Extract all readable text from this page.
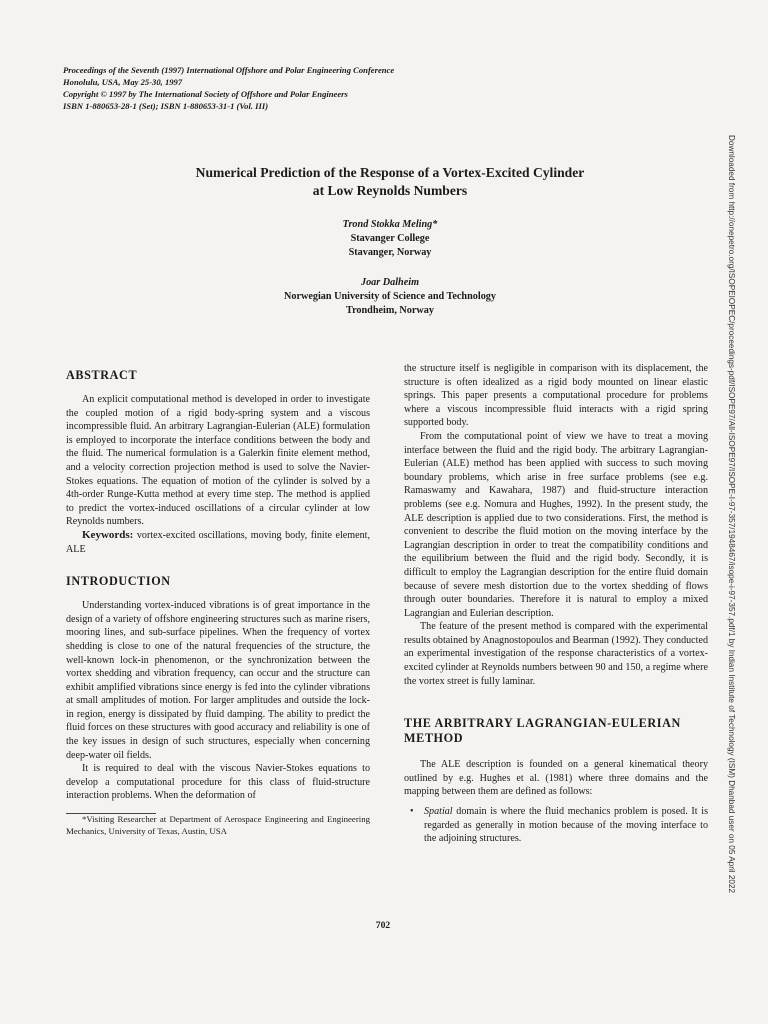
Proceedings of the Seventh (1997) International Offshore and Polar Engineering Conference
Honolulu, USA, May 25-30, 1997
Copyright © 1997 by The International Society of Offshore and Polar Engineers
ISBN 1-880653-28-1 (Set); ISBN 1-880653-31-1 (Vol. III)
Numerical Prediction of the Response of a Vortex-Excited Cylinder
at Low Reynolds Numbers
Trond Stokka Meling*
Stavanger College
Stavanger, Norway
Joar Dalheim
Norwegian University of Science and Technology
Trondheim, Norway
ABSTRACT

An explicit computational method is developed in order to investigate the coupled motion of a rigid body-spring system and a viscous incompressible fluid. An arbitrary Lagrangian-Eulerian (ALE) formulation is employed to incorporate the interface conditions between the body and the fluid. The numerical formulation is a Galerkin finite element method, and a velocity correction projection method is used to solve the Navier-Stokes equations. The equation of motion of the cylinder is solved by a 4th-order Runge-Kutta method at every time step. The method is applied to predict the vortex-induced oscillations of a circular cylinder at low Reynolds numbers.

Keywords: vortex-excited oscillations, moving body, finite element, ALE

INTRODUCTION

Understanding vortex-induced vibrations is of great importance in the design of a variety of offshore engineering structures such as marine risers, mooring lines, and sub-surface pipelines. When the frequency of vortex shedding is close to one of the natural frequencies of the structure, the well-known lock-in phenomenon, or the synchronization between the vortex shedding and vibration frequency, can occur and the structure can exhibit amplified vibrations since energy is fed into the cylinder vibrations at small amplitudes of motion. For larger amplitudes and outside the lock-in region, energy is dissipated by fluid damping. The ability to predict the fluid forces on these structures with good accuracy and reliability is one of the key issues in design of such structures, especially when concerning deep-water oil fields.

It is required to deal with the viscous Navier-Stokes equations to develop a computational procedure for this class of fluid-structure interaction problems. When the deformation of

*Visiting Researcher at Department of Aerospace Engineering and Engineering Mechanics, University of Texas, Austin, USA

the structure itself is negligible in comparison with its displacement, the structure is often idealized as a rigid body mounted on linear elastic springs. This paper presents a computational procedure for problems where a viscous incompressible fluid interacts with a rigid spring supported body.

From the computational point of view we have to treat a moving interface between the fluid and the rigid body. The arbitrary Lagrangian-Eulerian (ALE) method has been applied with success to such moving boundary problems, which arise in free surface problems (see e.g. Ramaswamy and Kawahara, 1987) and fluid-structure interaction problems (see e.g. Nomura and Hughes, 1992). In the present study, the ALE description is applied due to two considerations. First, the method is convenient to describe the fluid motion on the moving interface by the Lagrangian description in order to treat the compatibility conditions and the equilibrium between the fluid and the rigid body. Secondly, it is difficult to employ the Lagrangian description for the entire fluid domain because of severe mesh distortion due to the vortex shedding of flows through outer boundaries. Therefore it is natural to employ a mixed Lagrangian and Eulerian description.

The feature of the present method is compared with the experimental results obtained by Anagnostopoulos and Bearman (1992). They conducted an experimental investigation of the response characteristics of a vortex-excited cylinder at Reynolds numbers between 90 and 150, a regime where the vortex street is fully laminar.

THE ARBITRARY LAGRANGIAN-EULERIAN METHOD

The ALE description is founded on a general kinematical theory outlined by e.g. Hughes et al. (1981) where three domains and the mapping between them are defined as follows:

•	Spatial domain is where the fluid mechanics problem is posed. It is regarded as generally in motion because of the moving interface to the adjoining structures.
702
Downloaded from http://onepetro.org/ISOPEIOPEC/proceedings-pdf/ISOPE97/All-ISOPE97/ISOPE-I-97-357/1948467/isope-i-97-357.pdf/1 by Indian Institute of Technology (ISM) Dhanbad user on 05 April 2022
